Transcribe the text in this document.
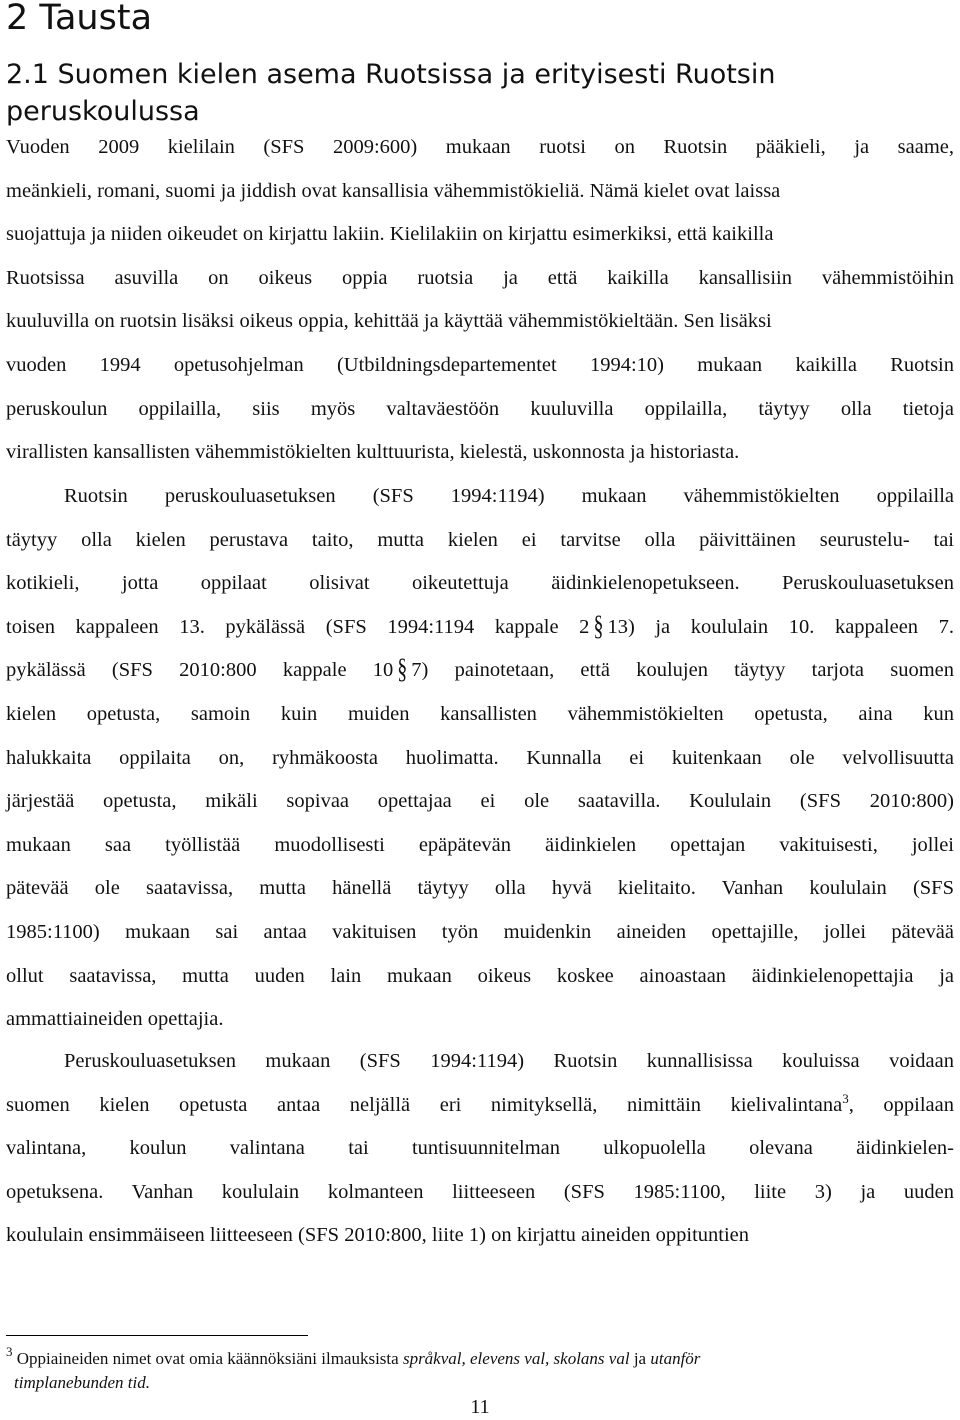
2 Tausta
2.1 Suomen kielen asema Ruotsissa ja erityisesti Ruotsin
peruskoulussa
Vuoden 2009 kielilain (SFS 2009:600) mukaan ruotsi on Ruotsin pääkieli, ja saame,
meänkieli, romani, suomi ja jiddish ovat kansallisia vähemmistökieliä. Nämä kielet ovat laissa
suojattuja ja niiden oikeudet on kirjattu lakiin. Kielilakiin on kirjattu esimerkiksi, että kaikilla
Ruotsissa asuvilla on oikeus oppia ruotsia ja että kaikilla kansallisiin vähemmistöihin
kuuluvilla on ruotsin lisäksi oikeus oppia, kehittää ja käyttää vähemmistökieltään. Sen lisäksi
vuoden 1994 opetusohjelman (Utbildningsdepartementet 1994:10) mukaan kaikilla Ruotsin
peruskoulun oppilailla, siis myös valtaväestöön kuuluvilla oppilailla, täytyy olla tietoja
virallisten kansallisten vähemmistökielten kulttuurista, kielestä, uskonnosta ja historiasta.
Ruotsin peruskouluasetuksen (SFS 1994:1194) mukaan vähemmistökielten oppilailla
täytyy olla kielen perustava taito, mutta kielen ei tarvitse olla päivittäinen seurustelu- tai
kotikieli, jotta oppilaat olisivat oikeutettuja äidinkielenopetukseen. Peruskouluasetuksen
toisen kappaleen 13. pykälässä (SFS 1994:1194 kappale 2 § 13) ja koululain 10. kappaleen 7.
pykälässä (SFS 2010:800 kappale 10 § 7) painotetaan, että koulujen täytyy tarjota suomen
kielen opetusta, samoin kuin muiden kansallisten vähemmistökielten opetusta, aina kun
halukkaita oppilaita on, ryhmäkoosta huolimatta. Kunnalla ei kuitenkaan ole velvollisuutta
järjestää opetusta, mikäli sopivaa opettajaa ei ole saatavilla. Koululain (SFS 2010:800)
mukaan saa työllistää muodollisesti epäpätevän äidinkielen opettajan vakituisesti, jollei
pätevää ole saatavissa, mutta hänellä täytyy olla hyvä kielitaito. Vanhan koululain (SFS
1985:1100) mukaan sai antaa vakituisen työn muidenkin aineiden opettajille, jollei pätevää
ollut saatavissa, mutta uuden lain mukaan oikeus koskee ainoastaan äidinkielenopettajia ja
ammattiaineiden opettajia.
Peruskouluasetuksen mukaan (SFS 1994:1194) Ruotsin kunnallisissa kouluissa voidaan
suomen kielen opetusta antaa neljällä eri nimityksellä, nimittäin kielivalintana$^3$, oppilaan
valintana, koulun valintana tai tuntisuunnitelman ulkopuolella olevana äidinkielen-
opetuksena. Vanhan koululain kolmanteen liitteeseen (SFS 1985:1100, liite 3) ja uuden
koululain ensimmäiseen liitteeseen (SFS 2010:800, liite 1) on kirjattu aineiden oppituntien
$^3$ Oppiaineiden nimet ovat omia käännöksiäni ilmauksista språkval, elevens val, skolans val ja utanför
timplanebunden tid.
11
